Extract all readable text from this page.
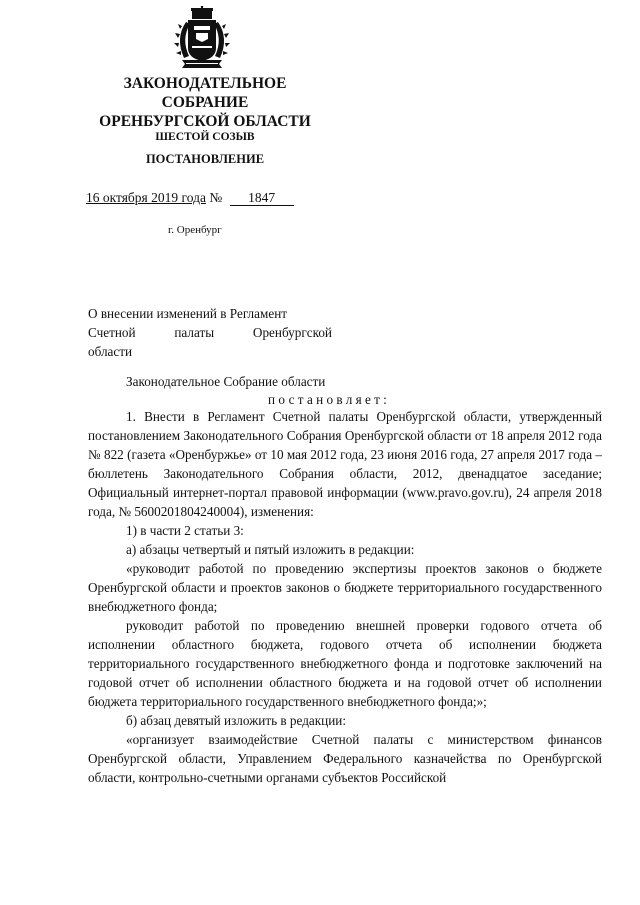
ЗАКОНОДАТЕЛЬНОЕ
СОБРАНИЕ
ОРЕНБУРГСКОЙ ОБЛАСТИ
ШЕСТОЙ СОЗЫВ
ПОСТАНОВЛЕНИЕ
16 октября 2019 года № 1847
г. Оренбург
О внесении изменений в Регламент
Счетной палаты Оренбургской
области
Законодательное Собрание области
постановляет:

1. Внести в Регламент Счетной палаты Оренбургской области, утвержденный постановлением Законодательного Собрания Оренбургской области от 18 апреля 2012 года № 822 (газета «Оренбуржье» от 10 мая 2012 года, 23 июня 2016 года, 27 апреля 2017 года – бюллетень Законодательного Собрания области, 2012, двенадцатое заседание; Официальный интернет-портал правовой информации (www.pravo.gov.ru), 24 апреля 2018 года, № 5600201804240004), изменения:

1) в части 2 статьи 3:

а) абзацы четвертый и пятый изложить в редакции:

«руководит работой по проведению экспертизы проектов законов о бюджете Оренбургской области и проектов законов о бюджете территориального государственного внебюджетного фонда;

руководит работой по проведению внешней проверки годового отчета об исполнении областного бюджета, годового отчета об исполнении бюджета территориального государственного внебюджетного фонда и подготовке заключений на годовой отчет об исполнении областного бюджета и на годовой отчет об исполнении бюджета территориального государственного внебюджетного фонда;»;

б) абзац девятый изложить в редакции:

«организует взаимодействие Счетной палаты с министерством финансов Оренбургской области, Управлением Федерального казначейства по Оренбургской области, контрольно-счетными органами субъектов Российской
